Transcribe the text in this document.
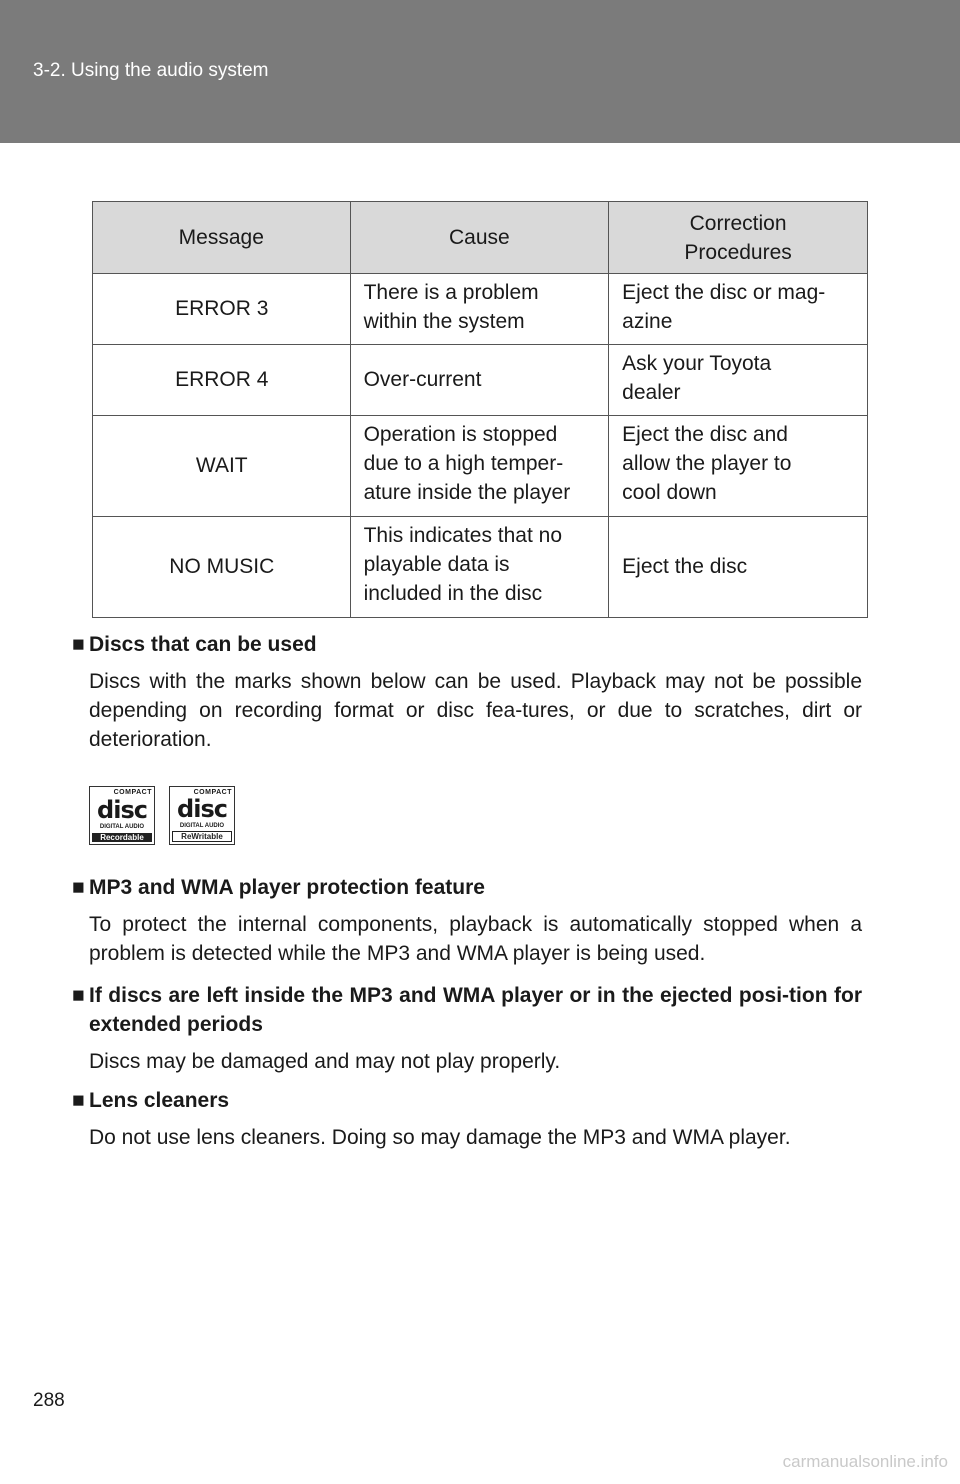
3-2. Using the audio system
Message	Cause	Correction Procedures
ERROR 3	There is a problem within the system	Eject the disc or mag-azine
ERROR 4	Over-current	Ask your Toyota dealer
WAIT	Operation is stopped due to a high temper-ature inside the player	Eject the disc and allow the player to cool down
NO MUSIC	This indicates that no playable data is included in the disc	Eject the disc
■ Discs that can be used
Discs with the marks shown below can be used. Playback may not be possible depending on recording format or disc fea-tures, or due to scratches, dirt or deterioration.
COMPACT
disc
DIGITAL AUDIO
Recordable
COMPACT
disc
DIGITAL AUDIO
ReWritable
■ MP3 and WMA player protection feature
To protect the internal components, playback is automatically stopped when a problem is detected while the MP3 and WMA player is being used.
■ If discs are left inside the MP3 and WMA player or in the ejected posi-tion for extended periods
Discs may be damaged and may not play properly.
■ Lens cleaners
Do not use lens cleaners. Doing so may damage the MP3 and WMA player.
288
carmanualsonline.info
